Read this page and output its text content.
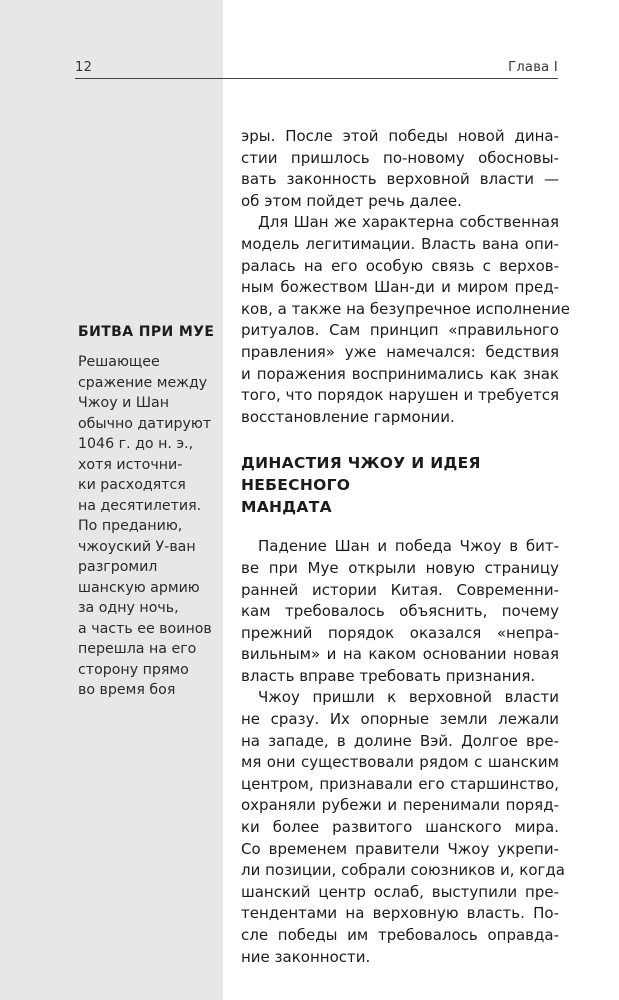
12	Глава I
БИТВА ПРИ МУЕ
Решающее
сражение между
Чжоу и Шан
обычно датируют
1046 г. до н. э.,
хотя источни-
ки расходятся
на десятилетия.
По преданию,
чжоуский У-ван
разгромил
шанскую армию
за одну ночь,
а часть ее воинов
перешла на его
сторону прямо
во время боя
эры. После этой победы новой дина-
стии пришлось по-новому обосновы-
вать законность верховной власти —
об этом пойдет речь далее.
Для Шан же характерна собственная
модель легитимации. Власть вана опи-
ралась на его особую связь с верхов-
ным божеством Шан-ди и миром пред-
ков, а также на безупречное исполнение
ритуалов. Сам принцип «правильного
правления» уже намечался: бедствия
и поражения воспринимались как знак
того, что порядок нарушен и требуется
восстановление гармонии.
ДИНАСТИЯ ЧЖОУ И ИДЕЯ НЕБЕСНОГО
МАНДАТА
Падение Шан и победа Чжоу в бит-
ве при Муе открыли новую страницу
ранней истории Китая. Современни-
кам требовалось объяснить, почему
прежний порядок оказался «непра-
вильным» и на каком основании новая
власть вправе требовать признания.
Чжоу пришли к верховной власти
не сразу. Их опорные земли лежали
на западе, в долине Вэй. Долгое вре-
мя они существовали рядом с шанским
центром, признавали его старшинство,
охраняли рубежи и перенимали поряд-
ки более развитого шанского мира.
Со временем правители Чжоу укрепи-
ли позиции, собрали союзников и, когда
шанский центр ослаб, выступили пре-
тендентами на верховную власть. По-
сле победы им требовалось оправда-
ние законности.
